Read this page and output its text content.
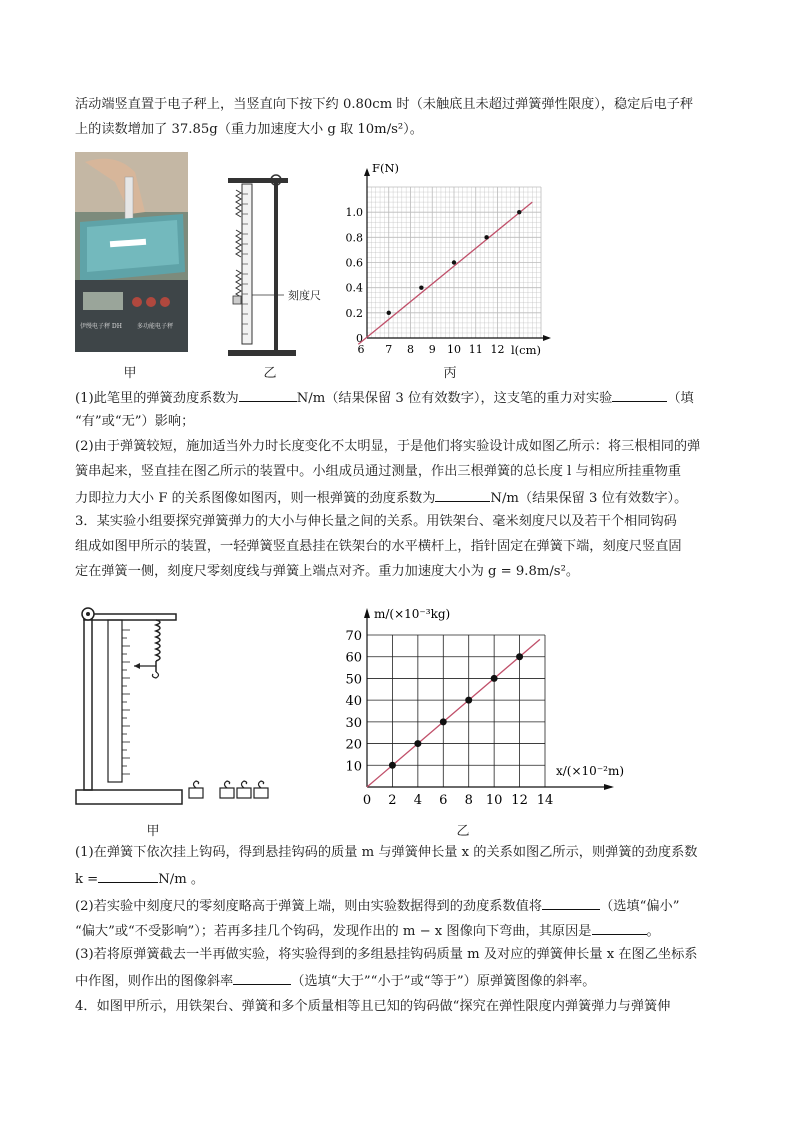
活动端竖直置于电子秤上，当竖直向下按下约 0.80cm 时（未触底且未超过弹簧弹性限度），稳定后电子秤
上的读数增加了 37.85g（重力加速度大小 g 取 10m/s²）。
伊缦电子秤 DH	多功能电子秤
甲
刻度尺
乙
F(N)
l(cm)
0
0.2
0.4
0.6
0.8
1.0
6 7 8 9 10 11 12
丙
(1)此笔里的弹簧劲度系数为	N/m（结果保留 3 位有效数字），这支笔的重力对实验	（填
“有”或“无”）影响；
(2)由于弹簧较短，施加适当外力时长度变化不太明显，于是他们将实验设计成如图乙所示：将三根相同的弹
簧串起来，竖直挂在图乙所示的装置中。小组成员通过测量，作出三根弹簧的总长度 l 与相应所挂重物重
力即拉力大小 F 的关系图像如图丙，则一根弹簧的劲度系数为	N/m（结果保留 3 位有效数字）。
3．某实验小组要探究弹簧弹力的大小与伸长量之间的关系。用铁架台、毫米刻度尺以及若干个相同钩码
组成如图甲所示的装置，一轻弹簧竖直悬挂在铁架台的水平横杆上，指针固定在弹簧下端，刻度尺竖直固
定在弹簧一侧，刻度尺零刻度线与弹簧上端点对齐。重力加速度大小为 g = 9.8m/s²。
甲
m/(×10⁻³kg)
x/(×10⁻²m)
10
20
30
40
50
60
70
0 2 4 6 8 10 12 14
乙
(1)在弹簧下依次挂上钩码，得到悬挂钩码的质量 m 与弹簧伸长量 x 的关系如图乙所示，则弹簧的劲度系数
k =	N/m 。
(2)若实验中刻度尺的零刻度略高于弹簧上端，则由实验数据得到的劲度系数值将	（选填“偏小”
“偏大”或“不受影响”）；若再多挂几个钩码，发现作出的 m − x 图像向下弯曲，其原因是	。
(3)若将原弹簧截去一半再做实验，将实验得到的多组悬挂钩码质量 m 及对应的弹簧伸长量 x 在图乙坐标系
中作图，则作出的图像斜率	（选填“大于”“小于”或“等于”）原弹簧图像的斜率。
4．如图甲所示，用铁架台、弹簧和多个质量相等且已知的钩码做“探究在弹性限度内弹簧弹力与弹簧伸
